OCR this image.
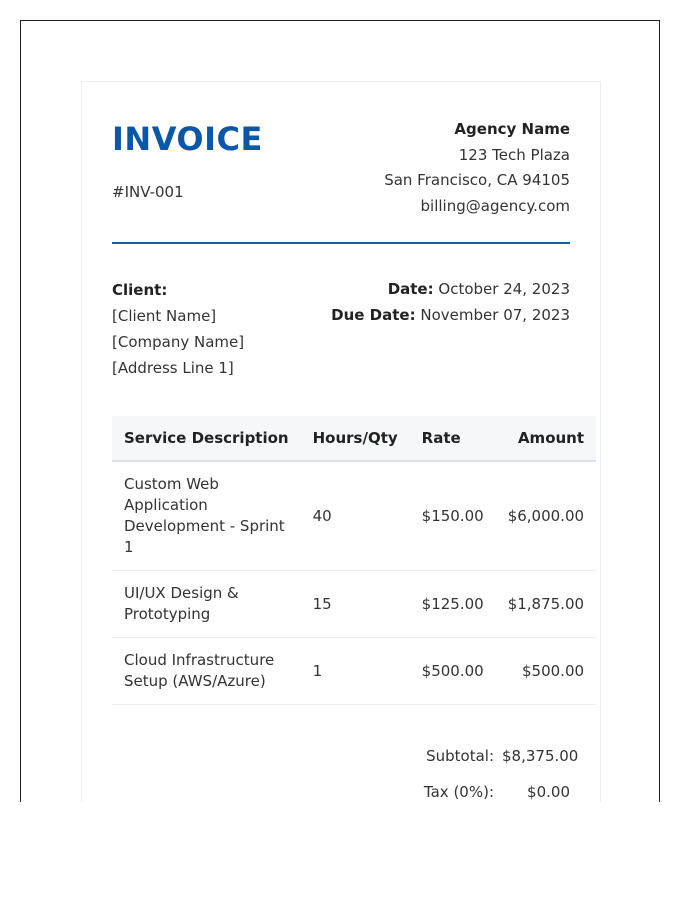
INVOICE
#INV-001
Agency Name
123 Tech Plaza
San Francisco, CA 94105
billing@agency.com
Client:
[Client Name]
[Company Name]
[Address Line 1]
Date: October 24, 2023
Due Date: November 07, 2023
Service Description	Hours/Qty	Rate	Amount
Custom Web Application Development - Sprint 1	40	$150.00	$6,000.00
UI/UX Design & Prototyping	15	$125.00	$1,875.00
Cloud Infrastructure Setup (AWS/Azure)	1	$500.00	$500.00
Subtotal: $8,375.00
Tax (0%):	$0.00
